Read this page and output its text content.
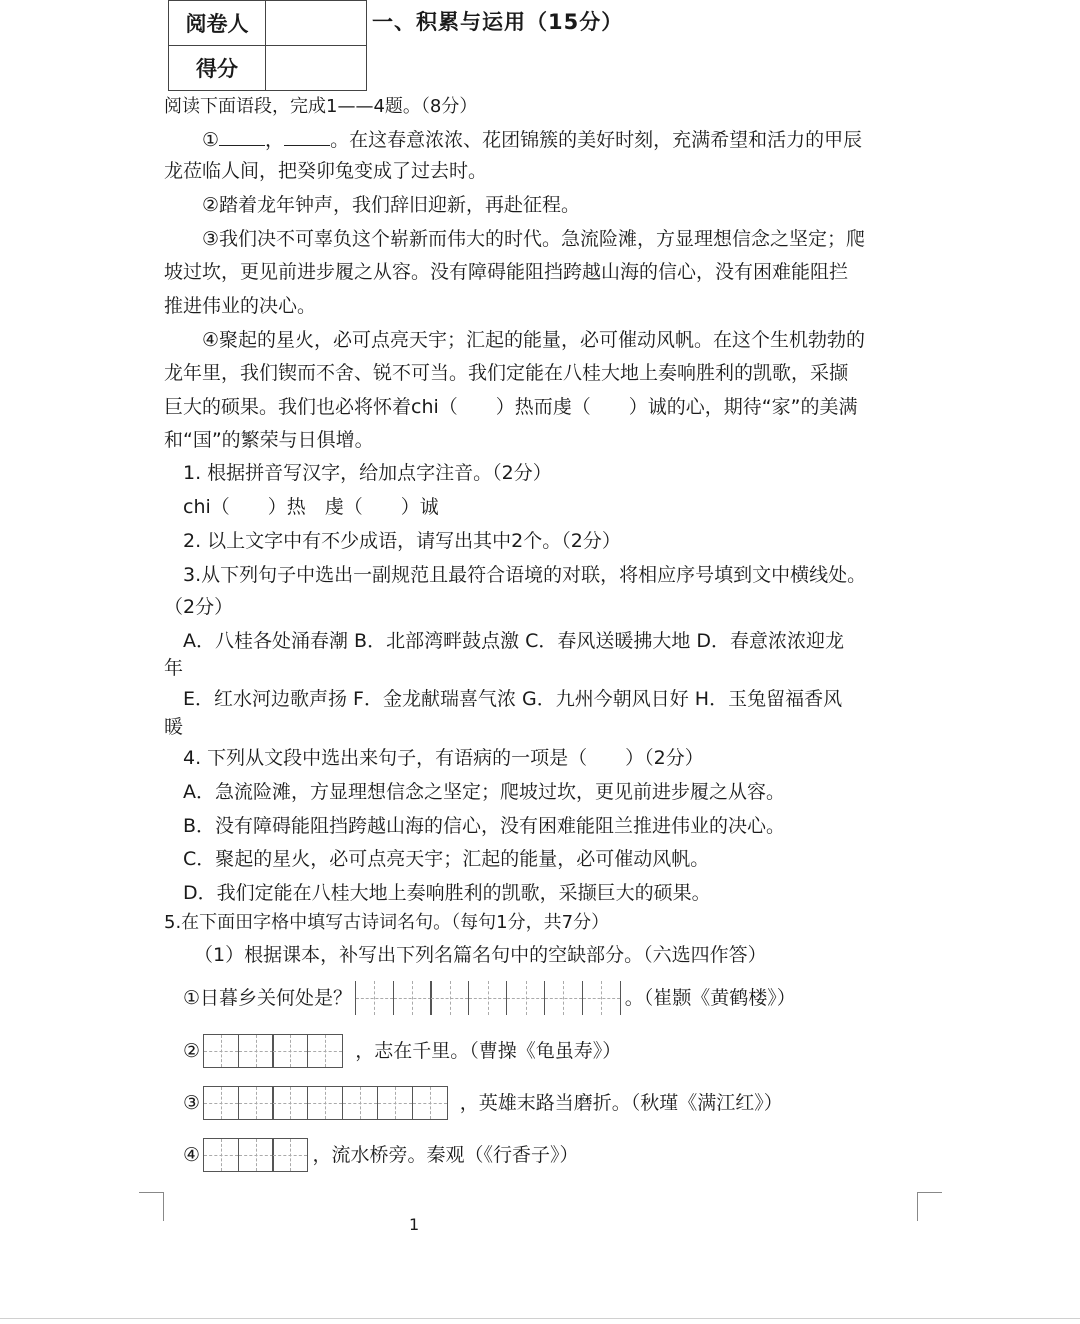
阅卷人	
得分	
一、积累与运用（15分）
阅读下面语段，完成1——4题。（8分）
① ， 。在这春意浓浓、花团锦簇的美好时刻，充满希望和活力的甲辰
龙莅临人间，把癸卯兔变成了过去时。
②踏着龙年钟声，我们辞旧迎新，再赴征程。
③我们决不可辜负这个崭新而伟大的时代。急流险滩，方显理想信念之坚定；爬
坡过坎，更见前进步履之从容。没有障碍能阻挡跨越山海的信心，没有困难能阻拦
推进伟业的决心。
④聚起的星火，必可点亮天宇；汇起的能量，必可催动风帆。在这个生机勃勃的
龙年里，我们锲而不舍、锐不可当。我们定能在八桂大地上奏响胜利的凯歌，采撷
巨大的硕果。我们也必将怀着chi（　　）热而虔（　　）诚的心，期待“家”的美满
和“国”的繁荣与日俱增。
1. 根据拼音写汉字，给加点字注音。（2分）
chi（　　）热　虔（　　）诚
2. 以上文字中有不少成语，请写出其中2个。（2分）
3.从下列句子中选出一副规范且最符合语境的对联，将相应序号填到文中横线处。
（2分）
A．八桂各处涌春潮 B．北部湾畔鼓点激 C．春风送暖拂大地 D．春意浓浓迎龙
年
E．红水河边歌声扬 F．金龙献瑞喜气浓 G．九州今朝风日好 H．玉兔留福香风
暖
4. 下列从文段中选出来句子，有语病的一项是（　　）（2分）
A．急流险滩，方显理想信念之坚定；爬坡过坎，更见前进步履之从容。
B．没有障碍能阻挡跨越山海的信心，没有困难能阻兰推进伟业的决心。
C．聚起的星火，必可点亮天宇；汇起的能量，必可催动风帆。
D．我们定能在八桂大地上奏响胜利的凯歌，采撷巨大的硕果。
5.在下面田字格中填写古诗词名句。（每句1分，共7分）
（1）根据课本，补写出下列名篇名句中的空缺部分。（六选四作答）
①日暮乡关何处是？	。（崔颢《黄鹤楼》）
②	，志在千里。（曹操《龟虽寿》）
③	，英雄末路当磨折。（秋瑾《满江红》）
④	，流水桥旁。秦观（《行香子》）
1
